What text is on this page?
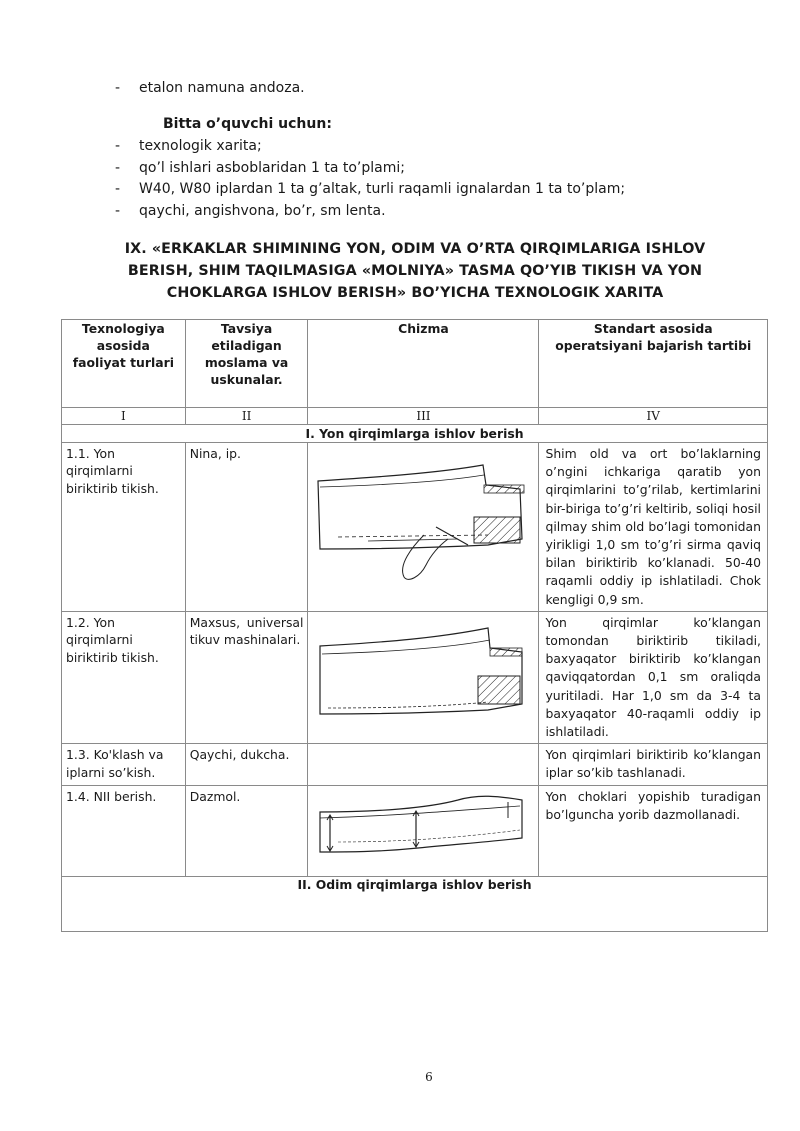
- etalon namuna andoza.
Bitta o’quvchi uchun:
- texnologik xarita;
- qo’l ishlari asboblaridan 1 ta to’plami;
- W40, W80 iplardan 1 ta g’altak, turli raqamli ignalardan 1 ta to’plam;
- qaychi, angishvona, bo’r, sm lenta.
IX. «ERKAKLAR SHIMINING YON, ODIM VA O’RTA QIRQIMLARIGA ISHLOV
BERISH, SHIM TAQILMASIGA «MOLNIYA» TASMA QO’YIB TIKISH VA YON
CHOKLARGA ISHLOV BERISH» BO’YICHA TEXNOLOGIK XARITA
Texnologiya asosida faoliyat turlari	Tavsiya etiladigan moslama va uskunalar.	Chizma	Standart asosida operatsiyani bajarish tartibi
I	II	III	IV
I. Yon qirqimlarga ishlov berish			
1.1. Yon qirqimlarni biriktirib tikish.	Nina, ip.		Shim old va ort bo’laklarning o’ngini ichkariga qaratib yon qirqimlarini to’g’rilab, kertimlarini bir-biriga to’g’ri keltirib, soliqi hosil qilmay shim old bo’lagi tomonidan yirikligi 1,0 sm to’g’ri sirma qaviq bilan biriktirib ko’klanadi. 50-40 raqamli oddiy ip ishlatiladi. Chok kengligi 0,9 sm.
1.2. Yon qirqimlarni biriktirib tikish.	Maxsus, universal tikuv mashinalari.		Yon qirqimlar ko’klangan tomondan biriktirib tikiladi, baxyaqator biriktirib ko’klangan qaviqqatordan 0,1 sm oraliqda yuritiladi. Har 1,0 sm da 3-4 ta baxyaqator 40-raqamli oddiy ip ishlatiladi.
1.3. Ko'klash va iplarni so’kish.	Qaychi, dukcha.		Yon qirqimlari biriktirib ko’klangan iplar so’kib tashlanadi.
1.4. NII berish.	Dazmol.		Yon choklari yopishib turadigan bo’lguncha yorib dazmollanadi.
II. Odim qirqimlarga ishlov berish			
6
